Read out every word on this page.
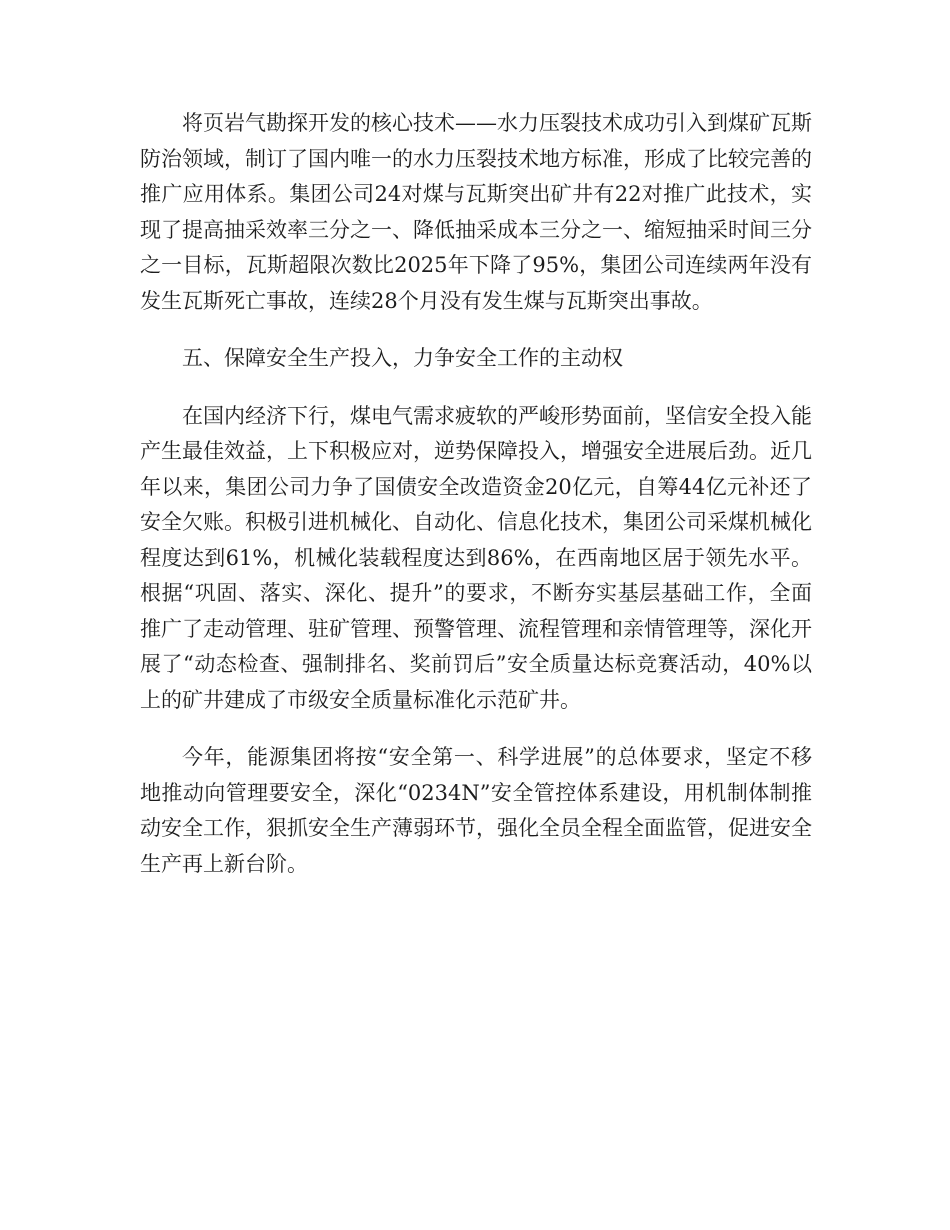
将页岩气勘探开发的核心技术——水力压裂技术成功引入到煤矿瓦斯防治领域，制订了国内唯一的水力压裂技术地方标准，形成了比较完善的推广应用体系。集团公司24对煤与瓦斯突出矿井有22对推广此技术，实现了提高抽采效率三分之一、降低抽采成本三分之一、缩短抽采时间三分之一目标，瓦斯超限次数比2025年下降了95%，集团公司连续两年没有发生瓦斯死亡事故，连续28个月没有发生煤与瓦斯突出事故。

五、保障安全生产投入，力争安全工作的主动权

在国内经济下行，煤电气需求疲软的严峻形势面前，坚信安全投入能产生最佳效益，上下积极应对，逆势保障投入，增强安全进展后劲。近几年以来，集团公司力争了国债安全改造资金20亿元，自筹44亿元补还了安全欠账。积极引进机械化、自动化、信息化技术，集团公司采煤机械化程度达到61%，机械化装载程度达到86%，在西南地区居于领先水平。根据“巩固、落实、深化、提升”的要求，不断夯实基层基础工作，全面推广了走动管理、驻矿管理、预警管理、流程管理和亲情管理等，深化开展了“动态检查、强制排名、奖前罚后”安全质量达标竞赛活动，40%以上的矿井建成了市级安全质量标准化示范矿井。

今年，能源集团将按“安全第一、科学进展”的总体要求，坚定不移地推动向管理要安全，深化“0234N”安全管控体系建设，用机制体制推动安全工作，狠抓安全生产薄弱环节，强化全员全程全面监管，促进安全生产再上新台阶。
